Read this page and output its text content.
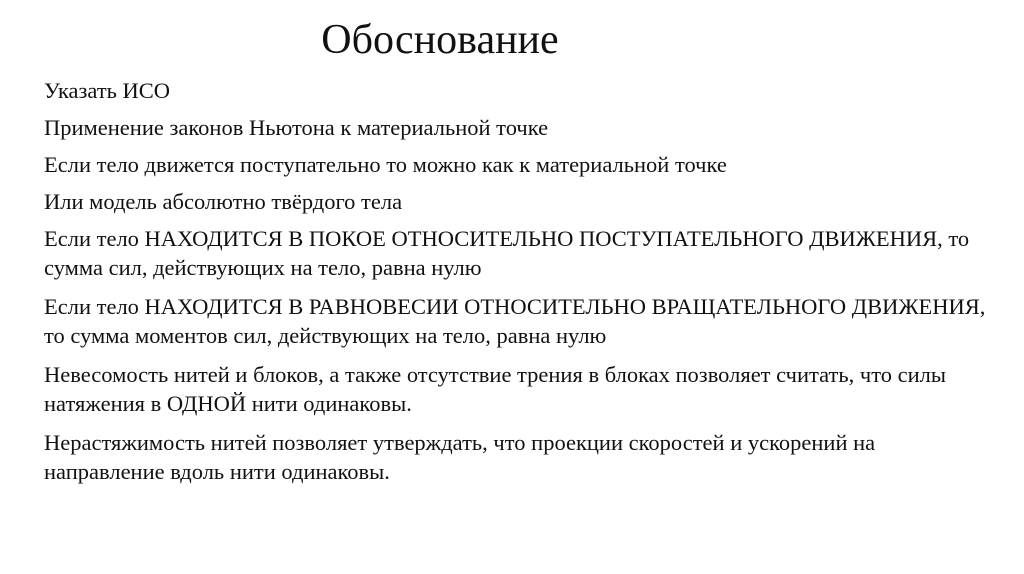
Обоснование
Указать ИСО
Применение законов Ньютона к материальной точке
Если тело движется поступательно то можно как к материальной точке
Или модель абсолютно твёрдого тела
Если тело НАХОДИТСЯ В ПОКОЕ ОТНОСИТЕЛЬНО ПОСТУПАТЕЛЬНОГО ДВИЖЕНИЯ, то сумма сил, действующих на тело, равна нулю
Если тело НАХОДИТСЯ В РАВНОВЕСИИ ОТНОСИТЕЛЬНО ВРАЩАТЕЛЬНОГО ДВИЖЕНИЯ, то сумма моментов сил, действующих на тело, равна нулю
Невесомость нитей и блоков, а также отсутствие трения в блоках позволяет считать, что силы натяжения в ОДНОЙ нити одинаковы.
Нерастяжимость нитей позволяет утверждать, что проекции скоростей и ускорений на направление вдоль нити одинаковы.
